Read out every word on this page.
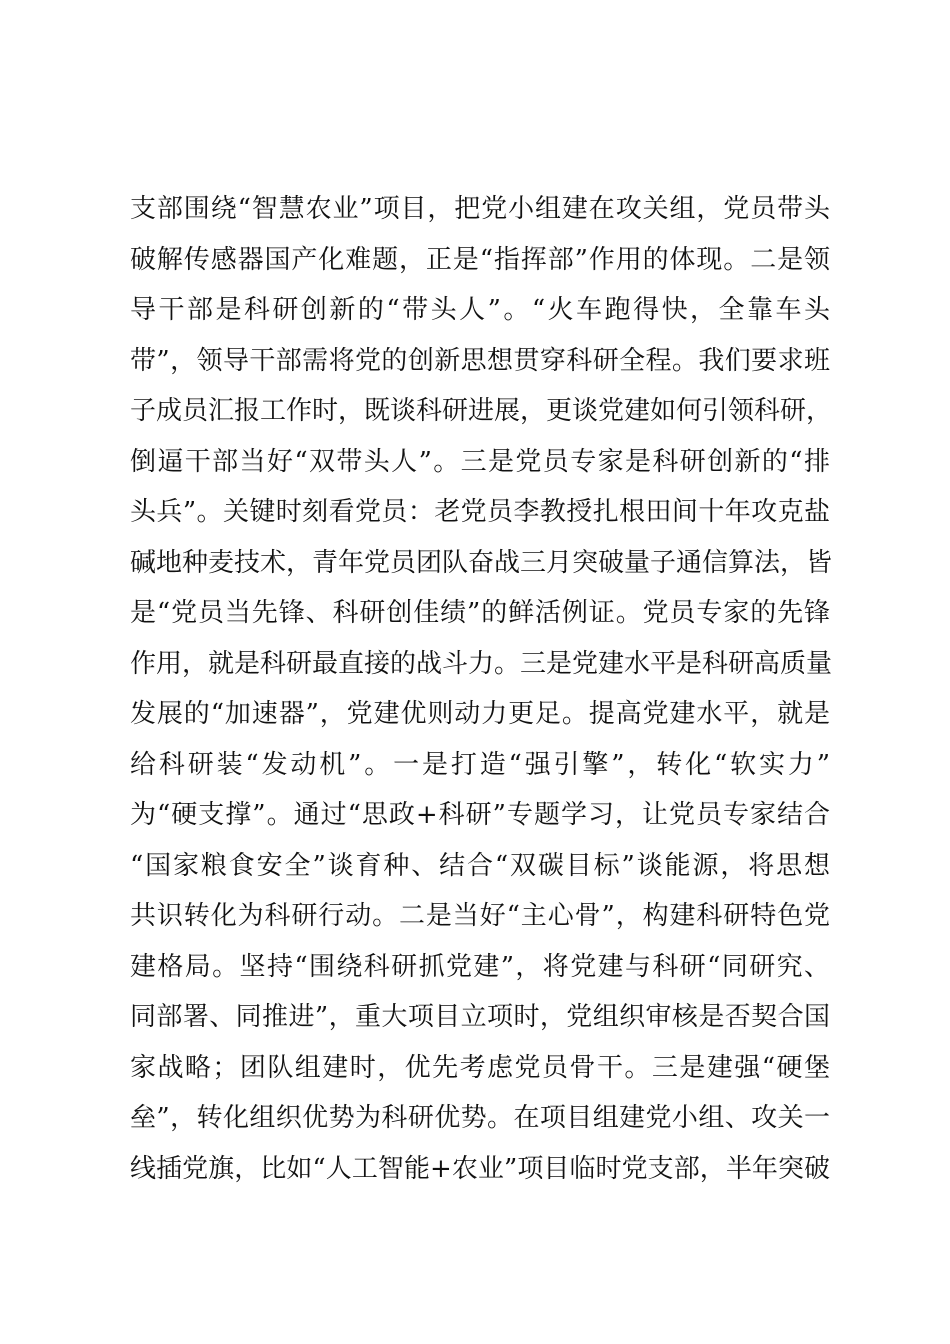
支部围绕“智慧农业”项目，把党小组建在攻关组，党员带头
破解传感器国产化难题，正是“指挥部”作用的体现。二是领
导干部是科研创新的“带头人”。“火车跑得快，全靠车头
带”，领导干部需将党的创新思想贯穿科研全程。我们要求班
子成员汇报工作时，既谈科研进展，更谈党建如何引领科研，
倒逼干部当好“双带头人”。三是党员专家是科研创新的“排
头兵”。关键时刻看党员：老党员李教授扎根田间十年攻克盐
碱地种麦技术，青年党员团队奋战三月突破量子通信算法，皆
是“党员当先锋、科研创佳绩”的鲜活例证。党员专家的先锋
作用，就是科研最直接的战斗力。三是党建水平是科研高质量
发展的“加速器”，党建优则动力更足。提高党建水平，就是
给科研装“发动机”。一是打造“强引擎”，转化“软实力”
为“硬支撑”。通过“思政+科研”专题学习，让党员专家结合
“国家粮食安全”谈育种、结合“双碳目标”谈能源，将思想
共识转化为科研行动。二是当好“主心骨”，构建科研特色党
建格局。坚持“围绕科研抓党建”，将党建与科研“同研究、
同部署、同推进”，重大项目立项时，党组织审核是否契合国
家战略；团队组建时，优先考虑党员骨干。三是建强“硬堡
垒”，转化组织优势为科研优势。在项目组建党小组、攻关一
线插党旗，比如“人工智能+农业”项目临时党支部，半年突破
